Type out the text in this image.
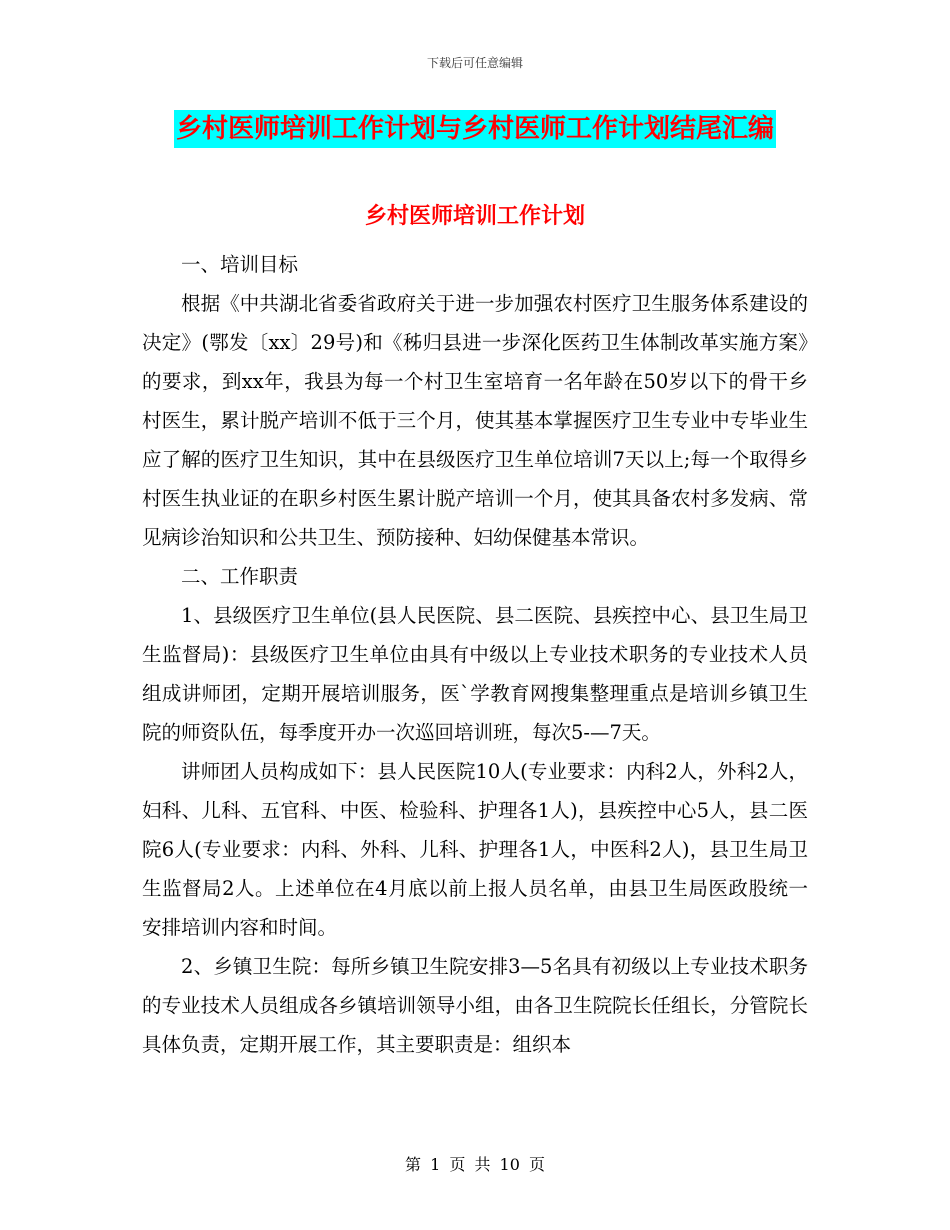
下载后可任意编辑
乡村医师培训工作计划与乡村医师工作计划结尾汇编
乡村医师培训工作计划

一、培训目标

根据《中共湖北省委省政府关于进一步加强农村医疗卫生服务体系建设的决定》(鄂发〔xx〕29号)和《秭归县进一步深化医药卫生体制改革实施方案》的要求，到xx年，我县为每一个村卫生室培育一名年龄在50岁以下的骨干乡村医生，累计脱产培训不低于三个月，使其基本掌握医疗卫生专业中专毕业生应了解的医疗卫生知识，其中在县级医疗卫生单位培训7天以上;每一个取得乡村医生执业证的在职乡村医生累计脱产培训一个月，使其具备农村多发病、常见病诊治知识和公共卫生、预防接种、妇幼保健基本常识。

二、工作职责

1、县级医疗卫生单位(县人民医院、县二医院、县疾控中心、县卫生局卫生监督局)：县级医疗卫生单位由具有中级以上专业技术职务的专业技术人员组成讲师团，定期开展培训服务，医`学教育网搜集整理重点是培训乡镇卫生院的师资队伍，每季度开办一次巡回培训班，每次5-—7天。

讲师团人员构成如下：县人民医院10人(专业要求：内科2人，外科2人，妇科、儿科、五官科、中医、检验科、护理各1人)，县疾控中心5人，县二医院6人(专业要求：内科、外科、儿科、护理各1人，中医科2人)，县卫生局卫生监督局2人。上述单位在4月底以前上报人员名单，由县卫生局医政股统一安排培训内容和时间。

2、乡镇卫生院：每所乡镇卫生院安排3—5名具有初级以上专业技术职务的专业技术人员组成各乡镇培训领导小组，由各卫生院院长任组长，分管院长具体负责，定期开展工作，其主要职责是：组织本

第 1 页 共 10 页
